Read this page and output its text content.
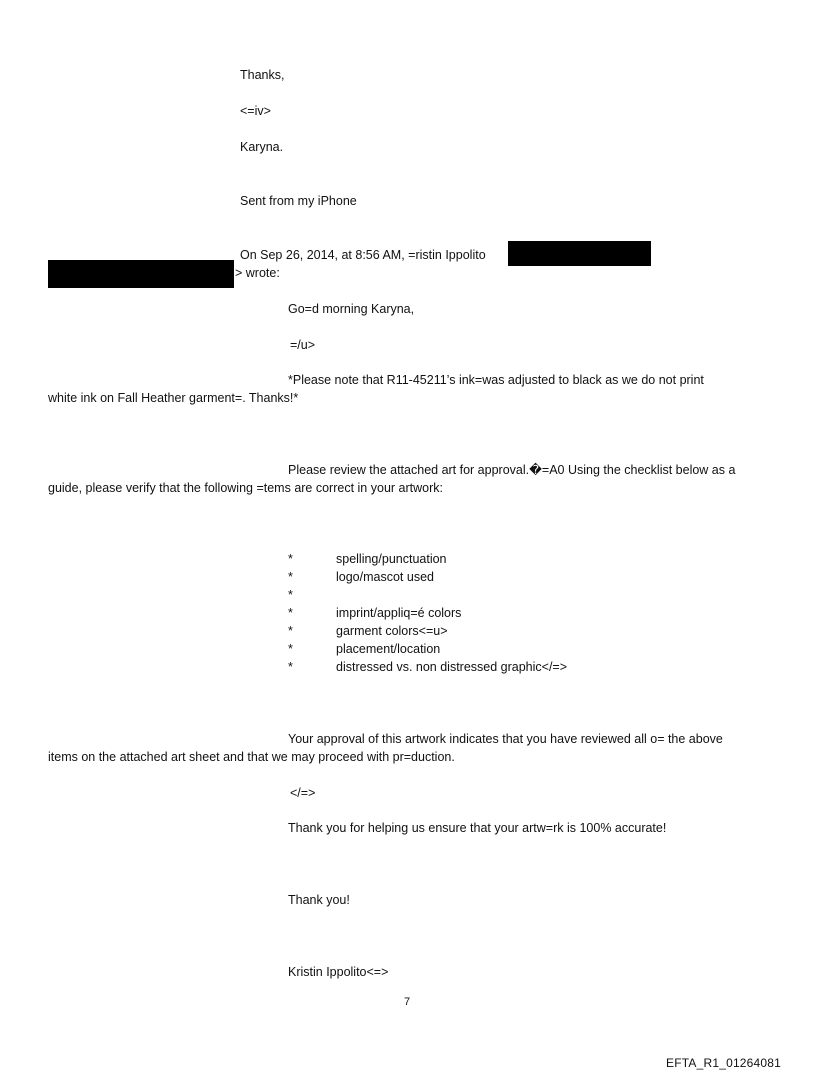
Thanks,
<=iv>
Karyna.
Sent from my iPhone
On Sep 26, 2014, at 8:56 AM, =ristin Ippolito
> wrote:
Go=d morning Karyna,
=/u>
*Please note that R11-45211’s ink=was adjusted to black as we do not print
white ink on Fall Heather garment=. Thanks!*
Please review the attached art for approval.�=A0 Using the checklist below as a
guide, please verify that the following =tems are correct in your artwork:
*	spelling/punctuation
*	logo/mascot used
*
*	imprint/appliq=é colors
*	garment colors<=u>
*	placement/location
*	distressed vs. non distressed graphic</=>
Your approval of this artwork indicates that you have reviewed all o= the above
items on the attached art sheet and that we may proceed with pr=duction.
</=>
Thank you for helping us ensure that your artw=rk is 100% accurate!
Thank you!
Kristin Ippolito<=>
7
EFTA_R1_01264081
